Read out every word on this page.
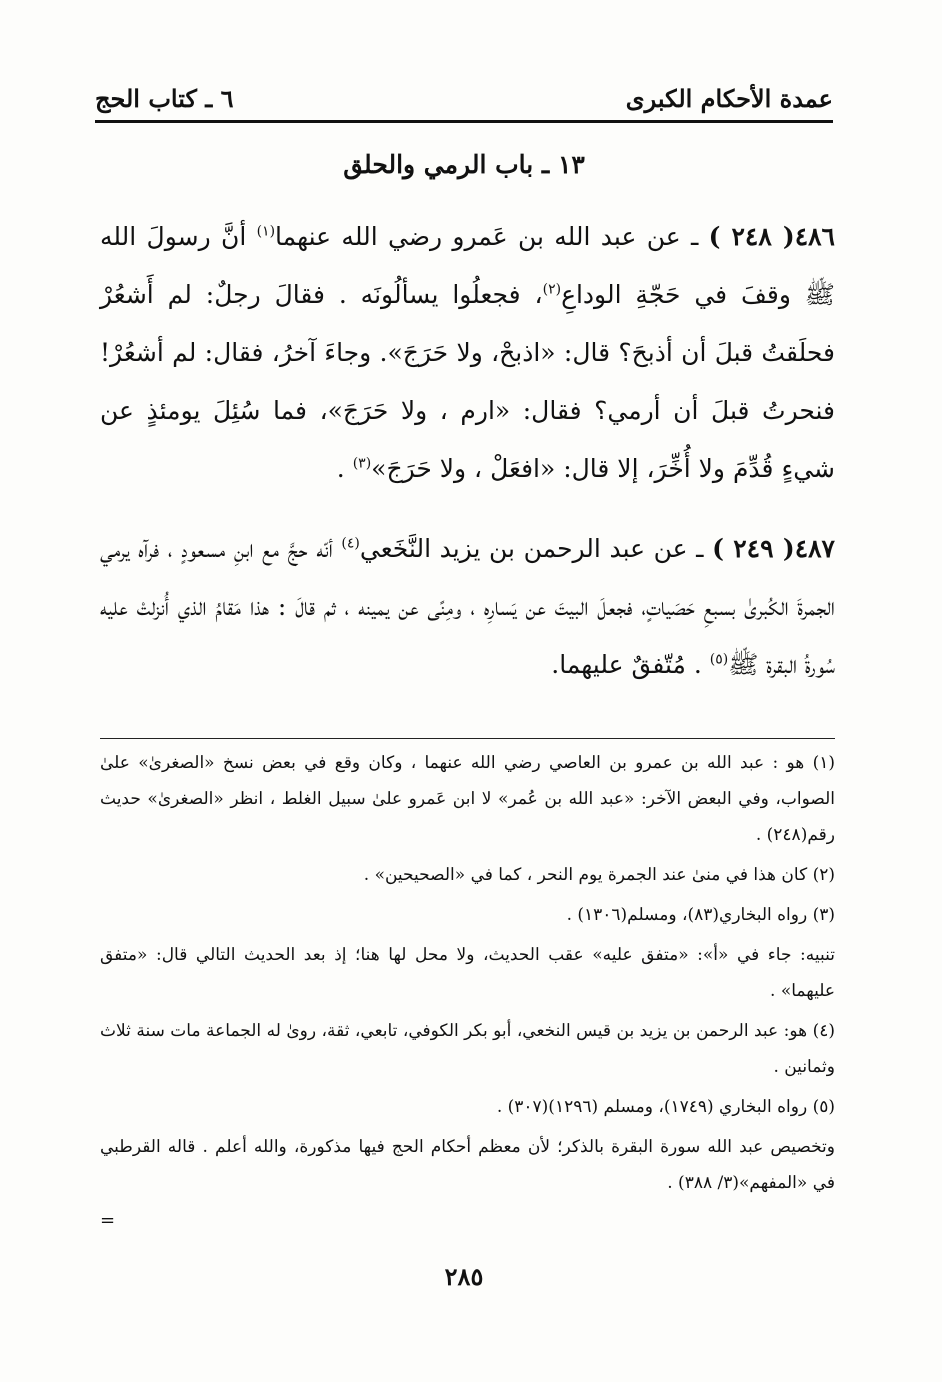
عمدة الأحكام الكبرى
٦ ـ كتاب الحج
١٣ ـ باب الرمي والحلق

٤٨٦( ٢٤٨ ) ـ عن عبد الله بن عَمرو رضي الله عنهما$^{(١)}$ أنَّ رسولَ الله ﷺ وقفَ في حَجّةِ الوداعِ$^{(٢)}$، فجعلُوا يسألُونَه . فقالَ رجلٌ: لم أَشعُرْ فحلَقتُ قبلَ أن أذبحَ؟ قال: «اذبحْ، ولا حَرَجَ». وجاءَ آخرُ، فقال: لم أشعُرْ! فنحرتُ قبلَ أن أرمي؟ فقال: «ارم ، ولا حَرَجَ»، فما سُئِلَ يومئذٍ عن شيءٍ قُدِّمَ ولا أُخِّرَ، إلا قال: «افعَلْ ، ولا حَرَجَ»$^{(٣)}$ .

٤٨٧( ٢٤٩ ) ـ عن عبد الرحمن بن يزيد النَّخَعي$^{(٤)}$ أنّه حجَّ مع ابنِ مسعودٍ ، فرآه يرمي الجمرةَ الكُبرىٰ بسبعِ حَصَياتٍ، فجعلَ البيتَ عن يَسارِه ، ومِنًى عن يمينه ، ثم قالَ : هذا مَقامُ الذي أُنزلتْ عليه سُورةُ البقرة ﷺ$^{(٥)}$ . مُتّفقٌ عليهما.

(١) هو : عبد الله بن عمرو بن العاصي رضي الله عنهما ، وكان وقع في بعض نسخ «الصغرىٰ» علىٰ الصواب، وفي البعض الآخر: «عبد الله بن عُمر» لا ابن عَمرو علىٰ سبيل الغلط ، انظر «الصغرىٰ» حديث رقم(٢٤٨) .

(٢) كان هذا في منىٰ عند الجمرة يوم النحر ، كما في «الصحيحين» .

(٣) رواه البخاري(٨٣)، ومسلم(١٣٠٦) .

تنبيه: جاء في «أ»: «متفق عليه» عقب الحديث، ولا محل لها هنا؛ إذ بعد الحديث التالي قال: «متفق عليهما» .

(٤) هو: عبد الرحمن بن يزيد بن قيس النخعي، أبو بكر الكوفي، تابعي، ثقة، روىٰ له الجماعة مات سنة ثلاث وثمانين .

(٥) رواه البخاري (١٧٤٩)، ومسلم (١٢٩٦)(٣٠٧) .

وتخصيص عبد الله سورة البقرة بالذكر؛ لأن معظم أحكام الحج فيها مذكورة، والله أعلم . قاله القرطبي في «المفهم»(٣/ ٣٨٨) .

=
٢٨٥
